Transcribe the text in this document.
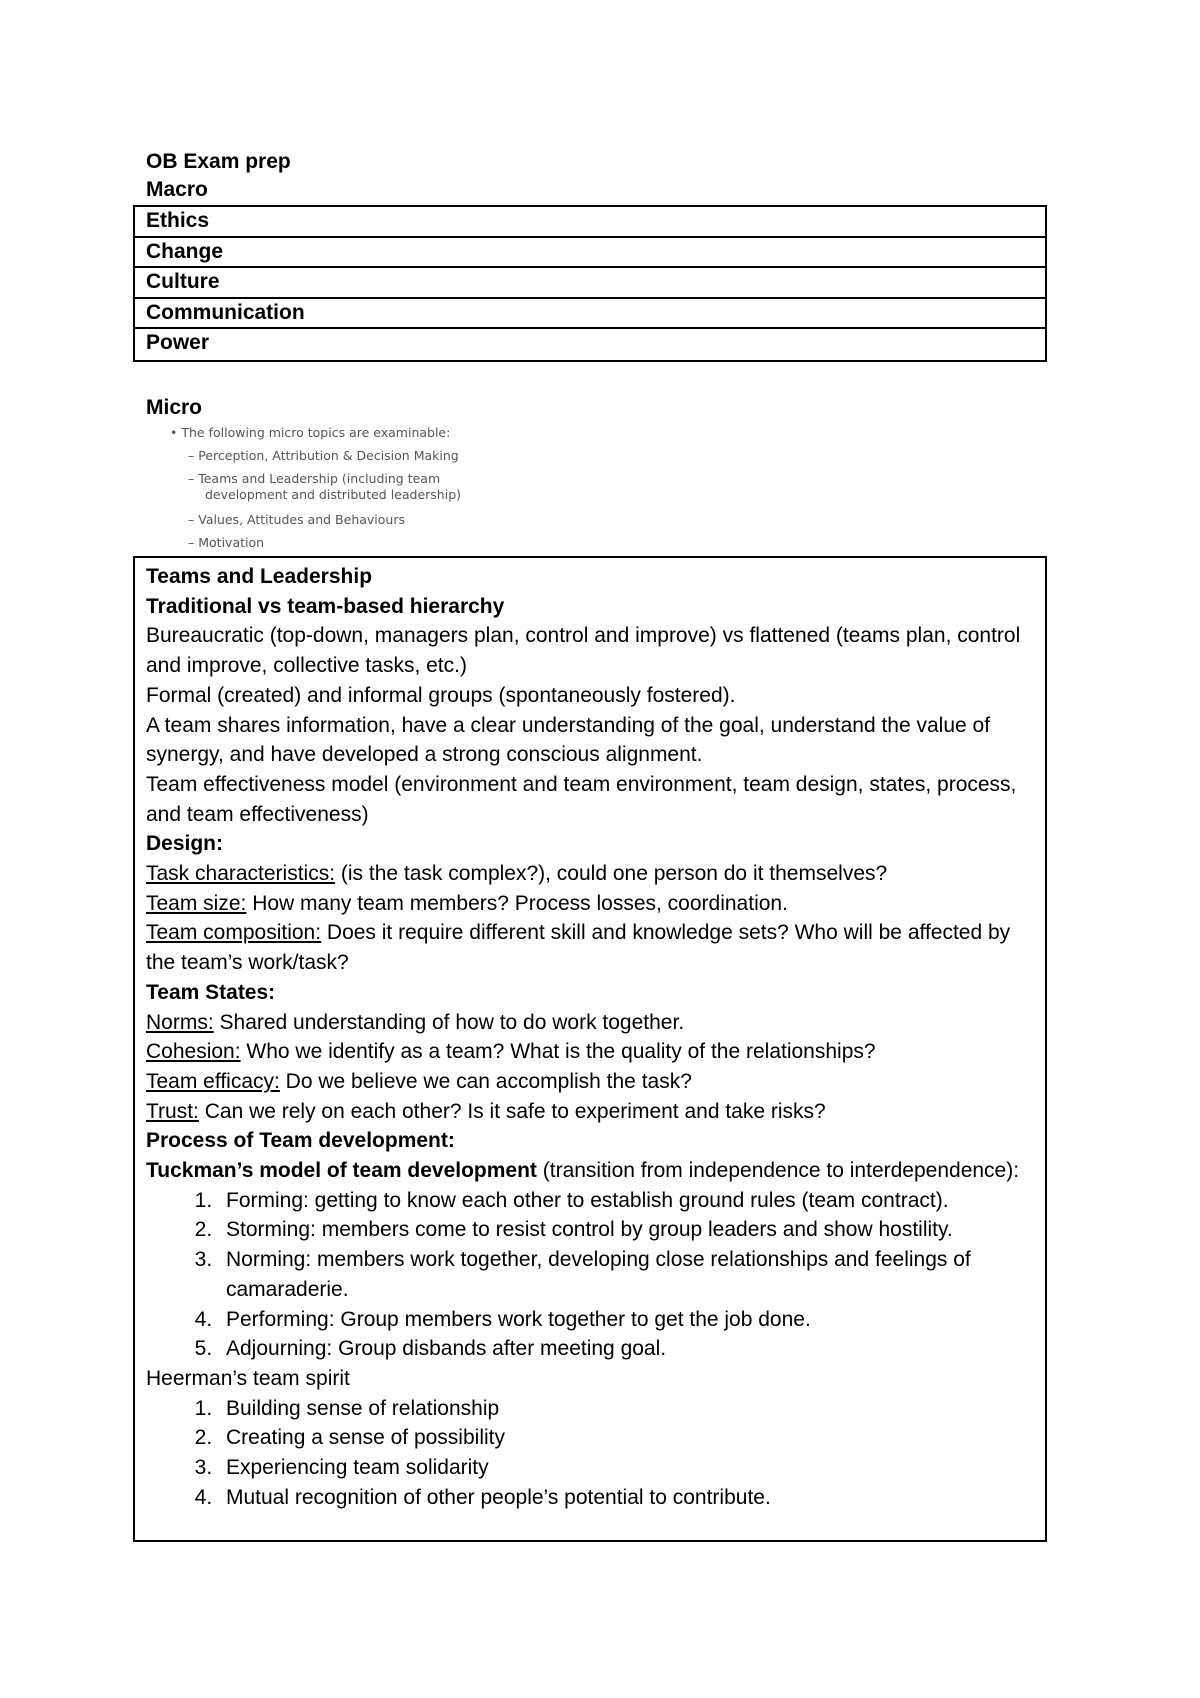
OB Exam prep
Macro
Ethics
Change
Culture
Communication
Power
Micro
• The following micro topics are examinable:
– Perception, Attribution & Decision Making
– Teams and Leadership (including team
development and distributed leadership)
– Values, Attitudes and Behaviours
– Motivation

Teams and Leadership

Traditional vs team-based hierarchy

Bureaucratic (top-down, managers plan, control and improve) vs flattened (teams plan, control and improve, collective tasks, etc.)

Formal (created) and informal groups (spontaneously fostered).

A team shares information, have a clear understanding of the goal, understand the value of synergy, and have developed a strong conscious alignment.

Team effectiveness model (environment and team environment, team design, states, process, and team effectiveness)

Design:

Task characteristics: (is the task complex?), could one person do it themselves?

Team size: How many team members? Process losses, coordination.

Team composition: Does it require different skill and knowledge sets? Who will be affected by the team’s work/task?

Team States:

Norms: Shared understanding of how to do work together.

Cohesion: Who we identify as a team? What is the quality of the relationships?

Team efficacy: Do we believe we can accomplish the task?

Trust: Can we rely on each other? Is it safe to experiment and take risks?

Process of Team development:

Tuckman’s model of team development (transition from independence to interdependence):

1. Forming: getting to know each other to establish ground rules (team contract).
2. Storming: members come to resist control by group leaders and show hostility.
3. Norming: members work together, developing close relationships and feelings of camaraderie.
4. Performing: Group members work together to get the job done.
5. Adjourning: Group disbands after meeting goal.

Heerman’s team spirit

1. Building sense of relationship
2. Creating a sense of possibility
3. Experiencing team solidarity
4. Mutual recognition of other people’s potential to contribute.
